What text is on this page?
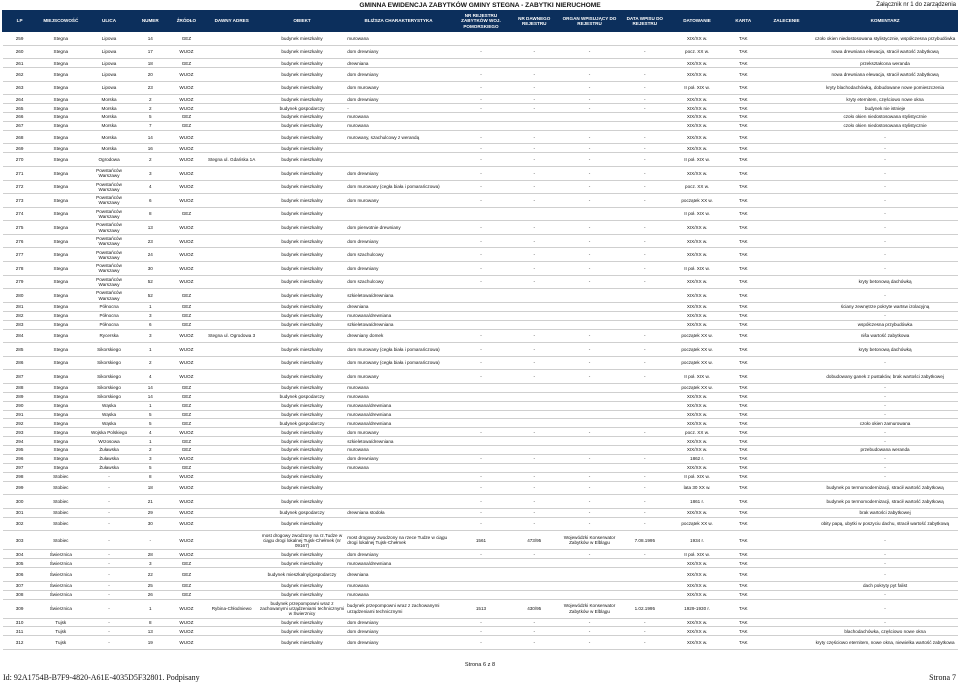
GMINNA EWIDENCJA ZABYTKÓW GMINY STEGNA - ZABYTKI NIERUCHOME	Załącznik nr 1 do zarządzenia
LP	MIEJSCOWOŚĆ	ULICA	NUMER	ŹRÓDŁO	DAWNY ADRES	OBIEKT	BLIŻSZA CHARAKTERYSTYKA	NR REJESTRU ZABYTKÓW WOJ. POMORSKIEGO	NR DAWNEGO REJESTRU	ORGAN WPISUJĄCY DO REJESTRU	DATA WPISU DO REJESTRU	DATOWANIE	KARTA	ZALECENIE	KOMENTARZ
259	Stegna	Lipowa	14	GEZ		budynek mieszkalny	murowana					XIX/XX w.	TAK		czoło okien niedostosowana stylistycznie, współczesna przybudówka
260	Stegna	Lipowa	17	WUOZ		budynek mieszkalny	dom drewniany	-	-	-	-	pocz. XX w.	TAK		nowa drewniana elewacja, stracił wartość zabytkową
261	Stegna	Lipowa	18	GEZ		budynek mieszkalny	drewniana					XIX/XX w.	TAK		przekształcona weranda
262	Stegna	Lipowa	20	WUOZ		budynek mieszkalny	dom drewniany	-	-	-	-	XIX/XX w.	TAK		nowa drewniana elewacja, stracił wartość zabytkową
263	Stegna	Lipowa	23	WUOZ		budynek mieszkalny	dom murowany	-	-	-	-	II poł. XIX w.	TAK		kryty blachodachówką, dobudowane nowe pomieszczenia
264	Stegna	Morska	2	WUOZ		budynek mieszkalny	dom drewniany	-	-	-	-	XIX/XX w.	TAK		kryty eternitem, częściowo nowe okna
265	Stegna	Morska	2	WUOZ		budynek gospodarczy	-	-	-	-	-	XIX/XX w.	TAK		budynek nie istnieje
266	Stegna	Morska	5	GEZ		budynek mieszkalny	murowana					XIX/XX w.	TAK		czoło okien niedostosowana stylistycznie
267	Stegna	Morska	7	GEZ		budynek mieszkalny	murowana					XIX/XX w.	TAK		czoło okien niedostosowana stylistycznie
268	Stegna	Morska	14	WUOZ		budynek mieszkalny	murowany, szachulcowy z werandą	-	-	-	-	XIX/XX w.	TAK		-
269	Stegna	Morska	16	WUOZ		budynek mieszkalny		-	-	-	-	XIX/XX w.	TAK		-
270	Stegna	Ogrodowa	2	WUOZ	Stegna ul. Gdańska 1A	budynek mieszkalny		-	-	-	-	II poł. XIX w.	TAK		-
271	Stegna	Powstańców Warszawy	3	WUOZ		budynek mieszkalny	dom drewniany	-	-	-	-	XIX/XX w.	TAK		-
272	Stegna	Powstańców Warszawy	4	WUOZ		budynek mieszkalny	dom murowany (cegła biała i pomarańczowa)	-	-	-	-	pocz. XX w.	TAK		-
273	Stegna	Powstańców Warszawy	6	WUOZ		budynek mieszkalny	dom murowany	-	-	-	-	początek XX w.	TAK		-
274	Stegna	Powstańców Warszawy	8	GEZ		budynek mieszkalny						II poł. XIX w.	TAK		-
275	Stegna	Powstańców Warszawy	13	WUOZ		budynek mieszkalny	dom pierwotnie drewniany	-	-	-	-	XIX/XX w.	TAK		-
276	Stegna	Powstańców Warszawy	23	WUOZ		budynek mieszkalny	dom drewniany	-	-	-	-	XIX/XX w.	TAK		-
277	Stegna	Powstańców Warszawy	24	WUOZ		budynek mieszkalny	dom szachulcowy	-	-	-	-	XIX/XX w.	TAK		-
278	Stegna	Powstańców Warszawy	30	WUOZ		budynek mieszkalny	dom drewniany	-	-	-	-	II poł. XIX w.	TAK		-
279	Stegna	Powstańców Warszawy	52	WUOZ		budynek mieszkalny	dom szachulcowy	-	-	-	-	XIX/XX w.	TAK		kryty betonową dachówką
280	Stegna	Powstańców Warszawy	52	GEZ		budynek mieszkalny	szkieletowa/drewniana					XIX/XX w.	TAK		-
281	Stegna	Północna	1	GEZ		budynek mieszkalny	drewniana					XIX/XX w.	TAK		ściany zewnętrze pokryte wartsw izolacyjną
282	Stegna	Północna	3	GEZ		budynek mieszkalny	murowana/drewniana					XIX/XX w.	TAK		-
283	Stegna	Północna	6	GEZ		budynek mieszkalny	szkieletowa/drewniana					XIX/XX w.	TAK		współczesna przybudówka
284	Stegna	Rycerska	3	WUOZ	Stegna ul. Ogrodowa 3	budynek mieszkalny	drewniany domek	-	-	-	-	początek XX w.	TAK		niŝa wartość zabytkowa
285	Stegna	Sikorskiego	1	WUOZ		budynek mieszkalny	dom murowany (cegła biała i pomarańczowa)	-	-	-	-	początek XX w.	TAK		kryty betonową dachówką
286	Stegna	Sikorskiego	2	WUOZ		budynek mieszkalny	dom murowany (cegła biała i pomarańczowa)	-	-	-	-	początek XX w.	TAK		-
287	Stegna	Sikorskiego	4	WUOZ		budynek mieszkalny	dom murowany	-	-	-	-	II poł. XIX w.	TAK		dobudowany ganek z pustaków, brak wartości zabytkowej
288	Stegna	Sikorskiego	14	GEZ		budynek mieszkalny	murowana					początek XX w.	TAK		-
289	Stegna	Sikorskiego	14	GEZ		budynek gospodarczy	murowana					XIX/XX w.	TAK		-
290	Stegna	Wąska	1	GEZ		budynek mieszkalny	murowana/drewniana					XIX/XX w.	TAK		-
291	Stegna	Wąska	5	GEZ		budynek mieszkalny	murowana/drewniana					XIX/XX w.	TAK		-
292	Stegna	Wąska	5	GEZ		budynek gospodarczy	murowana/drewniana					XIX/XX w.	TAK		czoło okien zamurowana
293	Stegna	Wojska Polskiego	4	WUOZ		budynek mieszkalny	dom murowany	-	-	-	-	pocz. XX w.	TAK		-
294	Stegna	Wrzosowa	1	GEZ		budynek mieszkalny	szkieletowa/drewniana					XIX/XX w.	TAK		-
295	Stegna	Żuławska	2	GEZ		budynek mieszkalny	murowana					XIX/XX w.	TAK		przebudowana weranda
296	Stegna	Żuławska	3	WUOZ		budynek mieszkalny	dom drewniany	-	-	-	-	1862 r.	TAK		-
297	Stegna	Żuławska	5	GEZ		budynek mieszkalny	murowana					XIX/XX w.	TAK		-
298	Stobiec	-	8	WUOZ		budynek mieszkalny		-	-	-	-	II poł. XIX w.	TAK		-
299	Stobiec	-	18	WUOZ		budynek mieszkalny		-	-	-	-	lata 30 XX w.	TAK		budynek po termomodernizacji, stracił wartość zabytkową
300	Stobiec	-	21	WUOZ		budynek mieszkalny		-	-	-	-	1861 r.	TAK		budynek po termomodernizacji, stracił wartość zabytkową
301	Stobiec	-	29	WUOZ		budynek gospodarczy	drewniana stodoła	-	-	-	-	XIX/XX w.	TAK		brak wartości zabytkowej
302	Stobiec	-	30	WUOZ		budynek mieszkalny		-	-	-	-	początek XX w.	TAK		obity papą, ubytki w poszyciu dachu, stracił wartość zabytkową
303	Stobiec	-	-	WUOZ		most drogowy zwodzony na rz.Tudze w ciągu drogi lokalnej Tujsk-Chełmek (nr 09167)	most drogowy zwodzony na rzece Tudze w ciągu drogi lokalnej Tujsk-Chełmek	1561	473/95	Wojewódzki Konserwator Zabytków w Elblągu	7.08.1995	1934 r.	TAK		-
304	Świerznica	-	28	WUOZ		budynek mieszkalny	dom drewniany	-	-	-	-	II poł. XIX w.	TAK		-
305	Świerznica	-	3	GEZ		budynek mieszkalny	murowana/drewniana					XIX/XX w.	TAK		-
306	Świerznica	-	22	GEZ		budynek mieszkalny/gospodarczy	drewniana					XIX/XX w.	TAK		-
307	Świerznica	-	25	GEZ		budynek mieszkalny	murowana					XIX/XX w.	TAK		dach pokryty pyt falist
308	Świerznica	-	26	GEZ		budynek mieszkalny	murowana					XIX/XX w.	TAK		-
309	Świerznica	-	1	WUOZ	Rybina-Chłodniewo	budynek przepompowni wraz z zachowanymi urządzeniami technicznymi w Świerznicy	budynek przepompowni wraz z zachowanymi urządzeniami technicznymi	1513	430/95	Wojewódzki Konserwator Zabytków w Elblągu	1.02.1995	1929-1930 r.	TAK		-
310	Tujsk	-	8	WUOZ		budynek mieszkalny	dom drewniany	-	-	-	-	XIX/XX w.	TAK		-
311	Tujsk	-	13	WUOZ		budynek mieszkalny	dom drewniany	-	-	-	-	XIX/XX w.	TAK		blachodachówka, częściowo nowe okna
312	Tujsk	-	19	WUOZ		budynek mieszkalny	dom drewniany	-	-	-	-	XIX/XX w.	TAK		kryty częściowo eternitem, nowe okna, niewielka wartość zabytkowa
Strona 6 z 8
Id: 92A1754B-B7F9-4820-A61E-4035D5F32801. Podpisany	Strona 7
